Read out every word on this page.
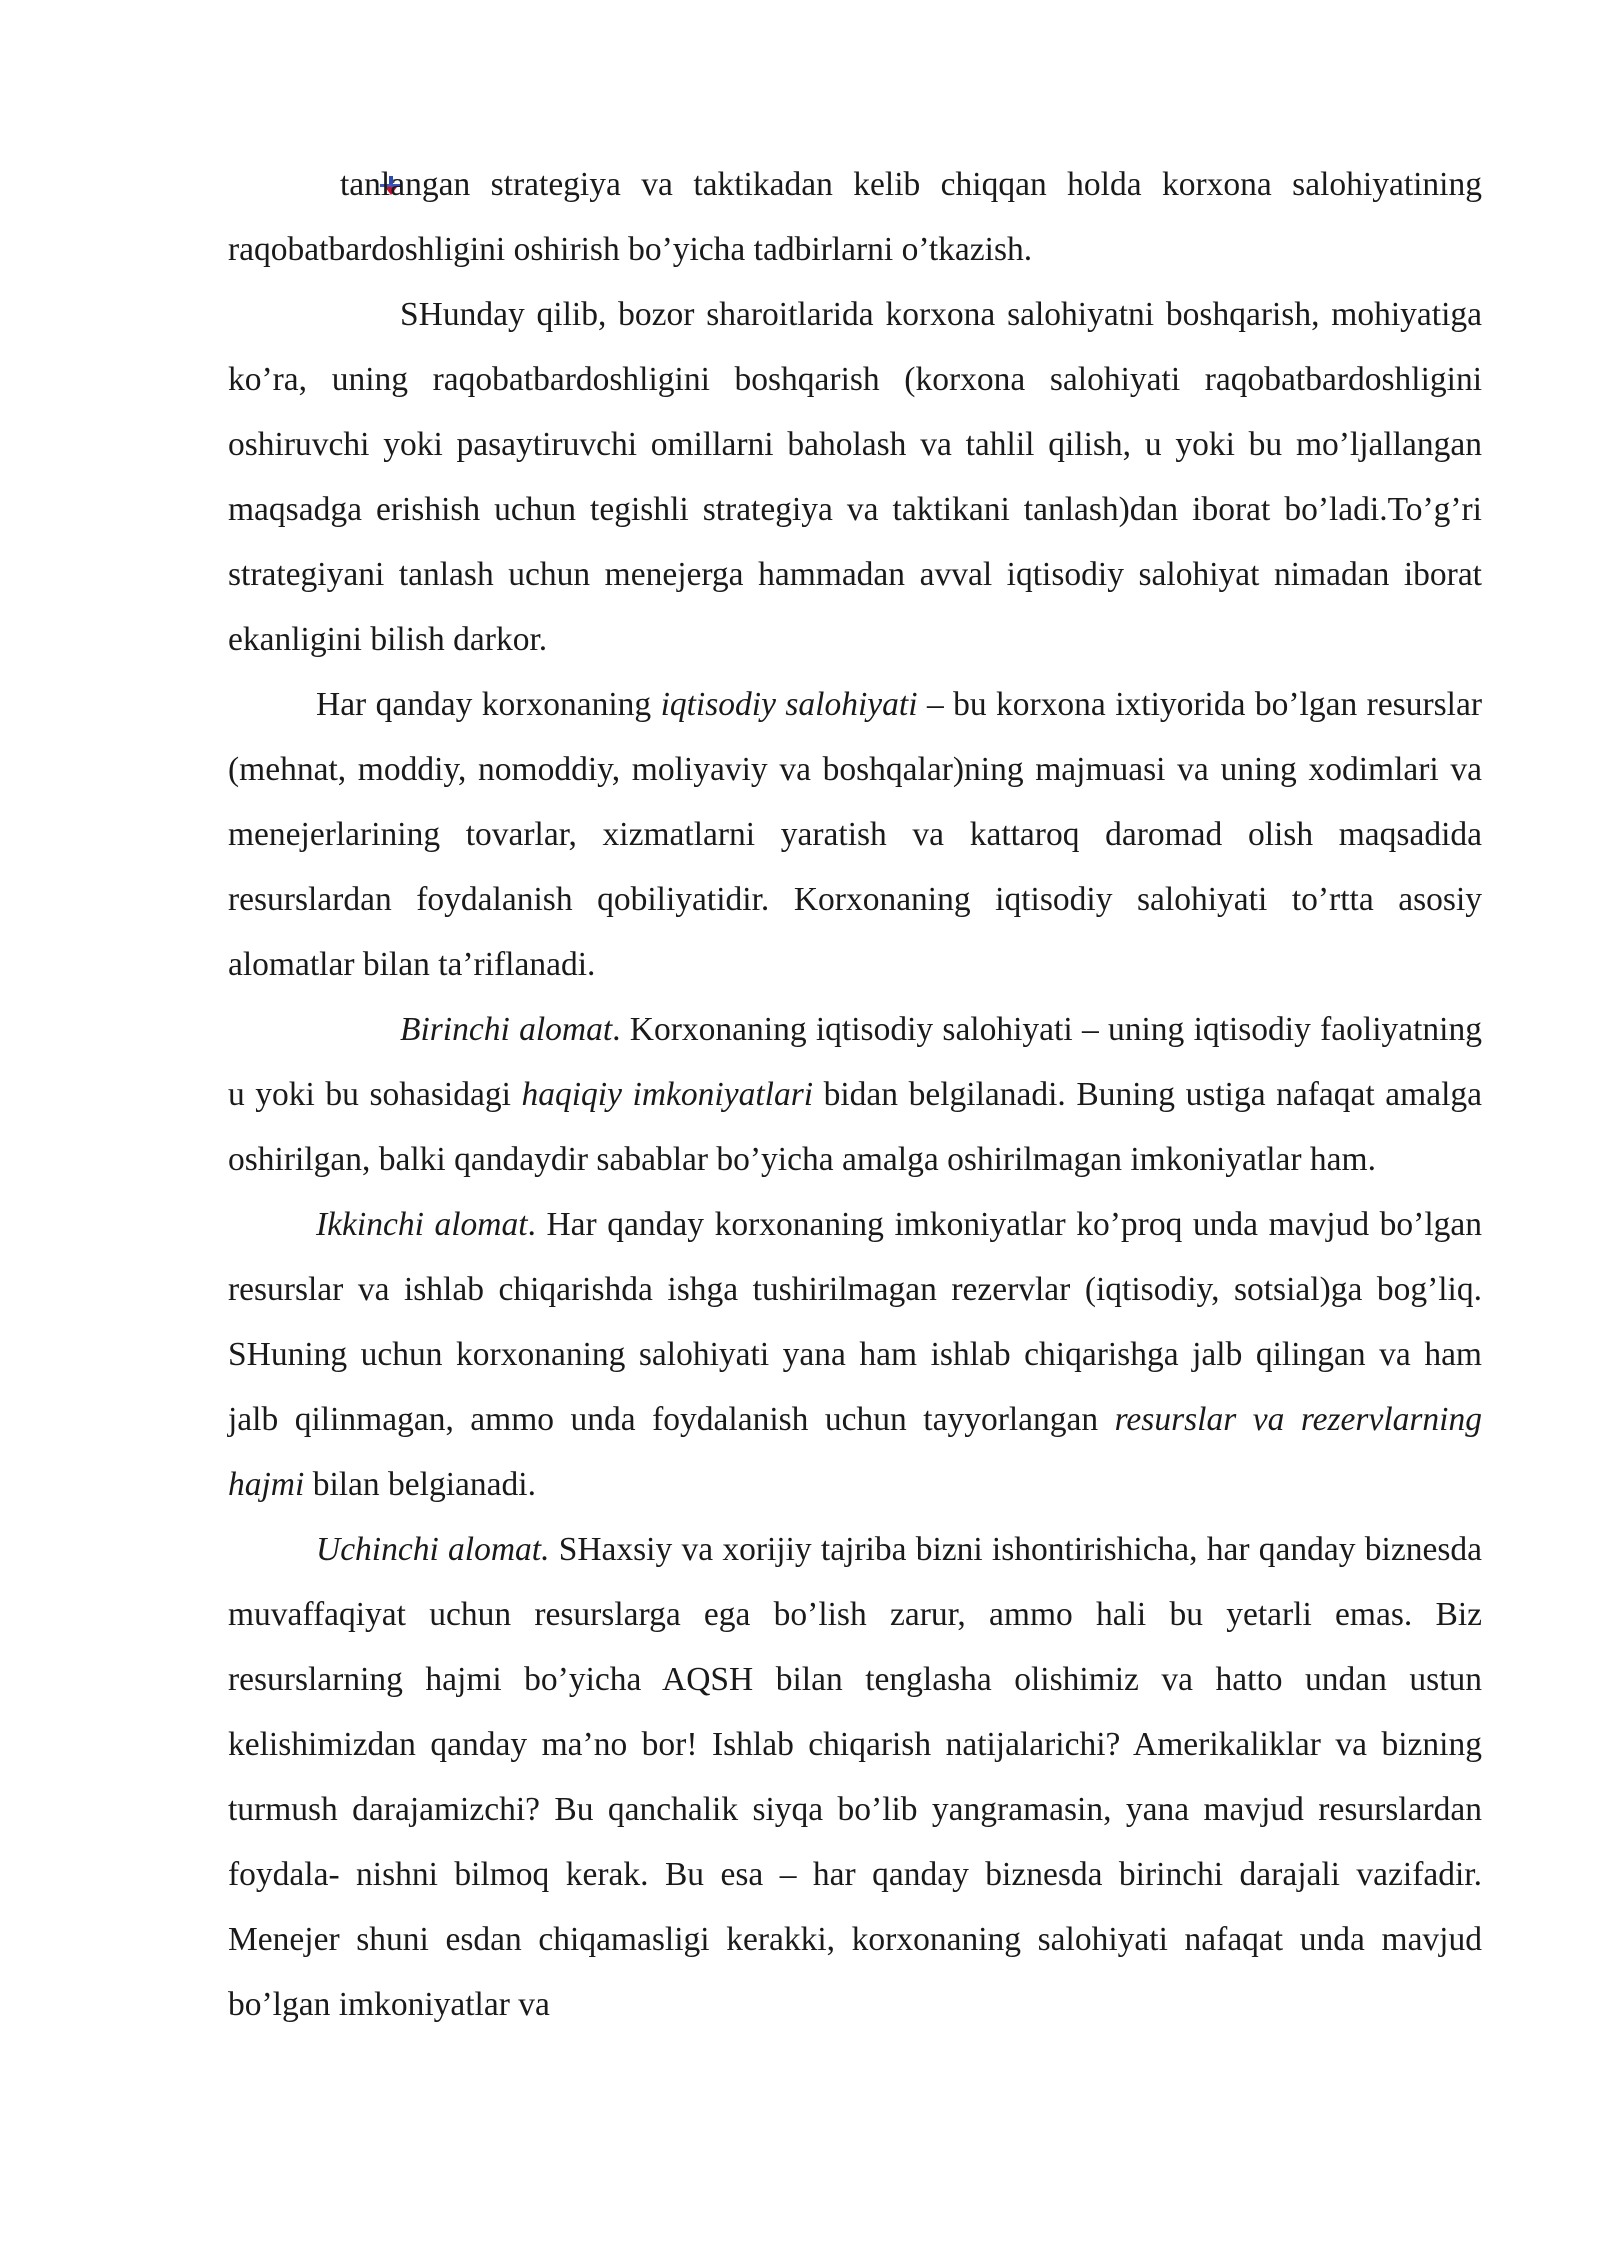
tanlangan strategiya va taktikadan kelib chiqqan holda korxona salohiyatining raqobatbardoshligini oshirish bo’yicha tadbirlarni o’tkazish.

SHunday qilib, bozor sharoitlarida korxona salohiyatni boshqarish, mohiyatiga ko’ra, uning raqobatbardoshligini boshqarish (korxona salohiyati raqobatbardoshligini oshiruvchi yoki pasaytiruvchi omillarni baholash va tahlil qilish, u yoki bu mo’ljallangan maqsadga erishish uchun tegishli strategiya va taktikani tanlash)dan iborat bo’ladi.To’g’ri strategiyani tanlash uchun menejerga hammadan avval iqtisodiy salohiyat nimadan iborat ekanligini bilish darkor.

Har qanday korxonaning iqtisodiy salohiyati – bu korxona ixtiyorida bo’lgan resurslar (mehnat, moddiy, nomoddiy, moliyaviy va boshqalar)ning majmuasi va uning xodimlari va menejerlarining tovarlar, xizmatlarni yaratish va kattaroq daromad olish maqsadida resurslardan foydalanish qobiliyatidir. Korxonaning iqtisodiy salohiyati to’rtta asosiy alomatlar bilan ta’riflanadi.

Birinchi alomat. Korxonaning iqtisodiy salohiyati – uning iqtisodiy faoliyatning u yoki bu sohasidagi haqiqiy imkoniyatlari bidan belgilanadi. Buning ustiga nafaqat amalga oshirilgan, balki qandaydir sabablar bo’yicha amalga oshirilmagan imkoniyatlar ham.

Ikkinchi alomat. Har qanday korxonaning imkoniyatlar ko’proq unda mavjud bo’lgan resurslar va ishlab chiqarishda ishga tushirilmagan rezervlar (iqtisodiy, sotsial)ga bog’liq. SHuning uchun korxonaning salohiyati yana ham ishlab chiqarishga jalb qilingan va ham jalb qilinmagan, ammo unda foydalanish uchun tayyorlangan resurslar va rezervlarning hajmi bilan belgianadi.

Uchinchi alomat. SHaxsiy va xorijiy tajriba bizni ishontirishicha, har qanday biznesda muvaffaqiyat uchun resurslarga ega bo’lish zarur, ammo hali bu yetarli emas. Biz resurslarning hajmi bo’yicha AQSH bilan tenglasha olishimiz va hatto undan ustun kelishimizdan qanday ma’no bor! Ishlab chiqarish natijalarichi? Amerikaliklar va bizning turmush darajamizchi? Bu qanchalik siyqa bo’lib yangramasin, yana mavjud resurslardan foydala- nishni bilmoq kerak. Bu esa – har qanday biznesda birinchi darajali vazifadir. Menejer shuni esdan chiqamasligi kerakki, korxonaning salohiyati nafaqat unda mavjud bo’lgan imkoniyatlar va
